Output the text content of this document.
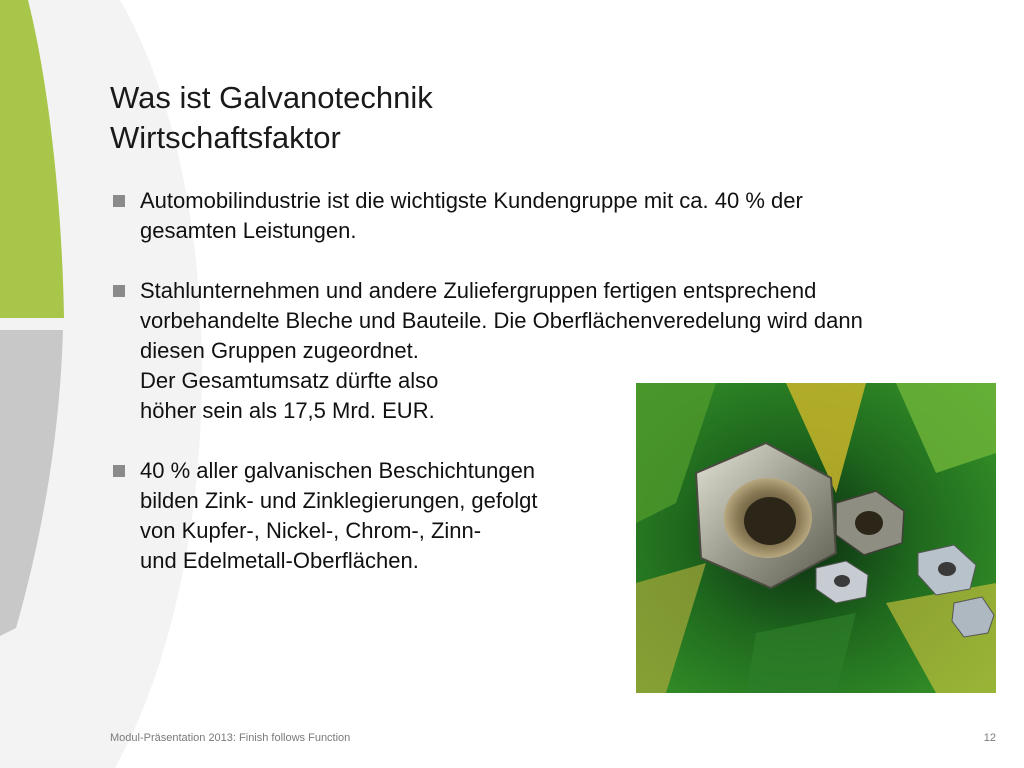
Was ist Galvanotechnik
Wirtschaftsfaktor

Automobilindustrie ist die wichtigste Kundengruppe mit ca. 40 % der

gesamten Leistungen.

Stahlunternehmen und andere Zuliefergruppen fertigen entsprechend

vorbehandelte Bleche und Bauteile. Die Oberflächenveredelung wird dann

diesen Gruppen zugeordnet.

Der Gesamtumsatz dürfte also

höher sein als 17,5 Mrd. EUR.

40 % aller galvanischen Beschichtungen

bilden Zink- und Zinklegierungen, gefolgt

von Kupfer-, Nickel-, Chrom-, Zinn-

und Edelmetall-Oberflächen.

Modul-Präsentation 2013: Finish follows Function	12
